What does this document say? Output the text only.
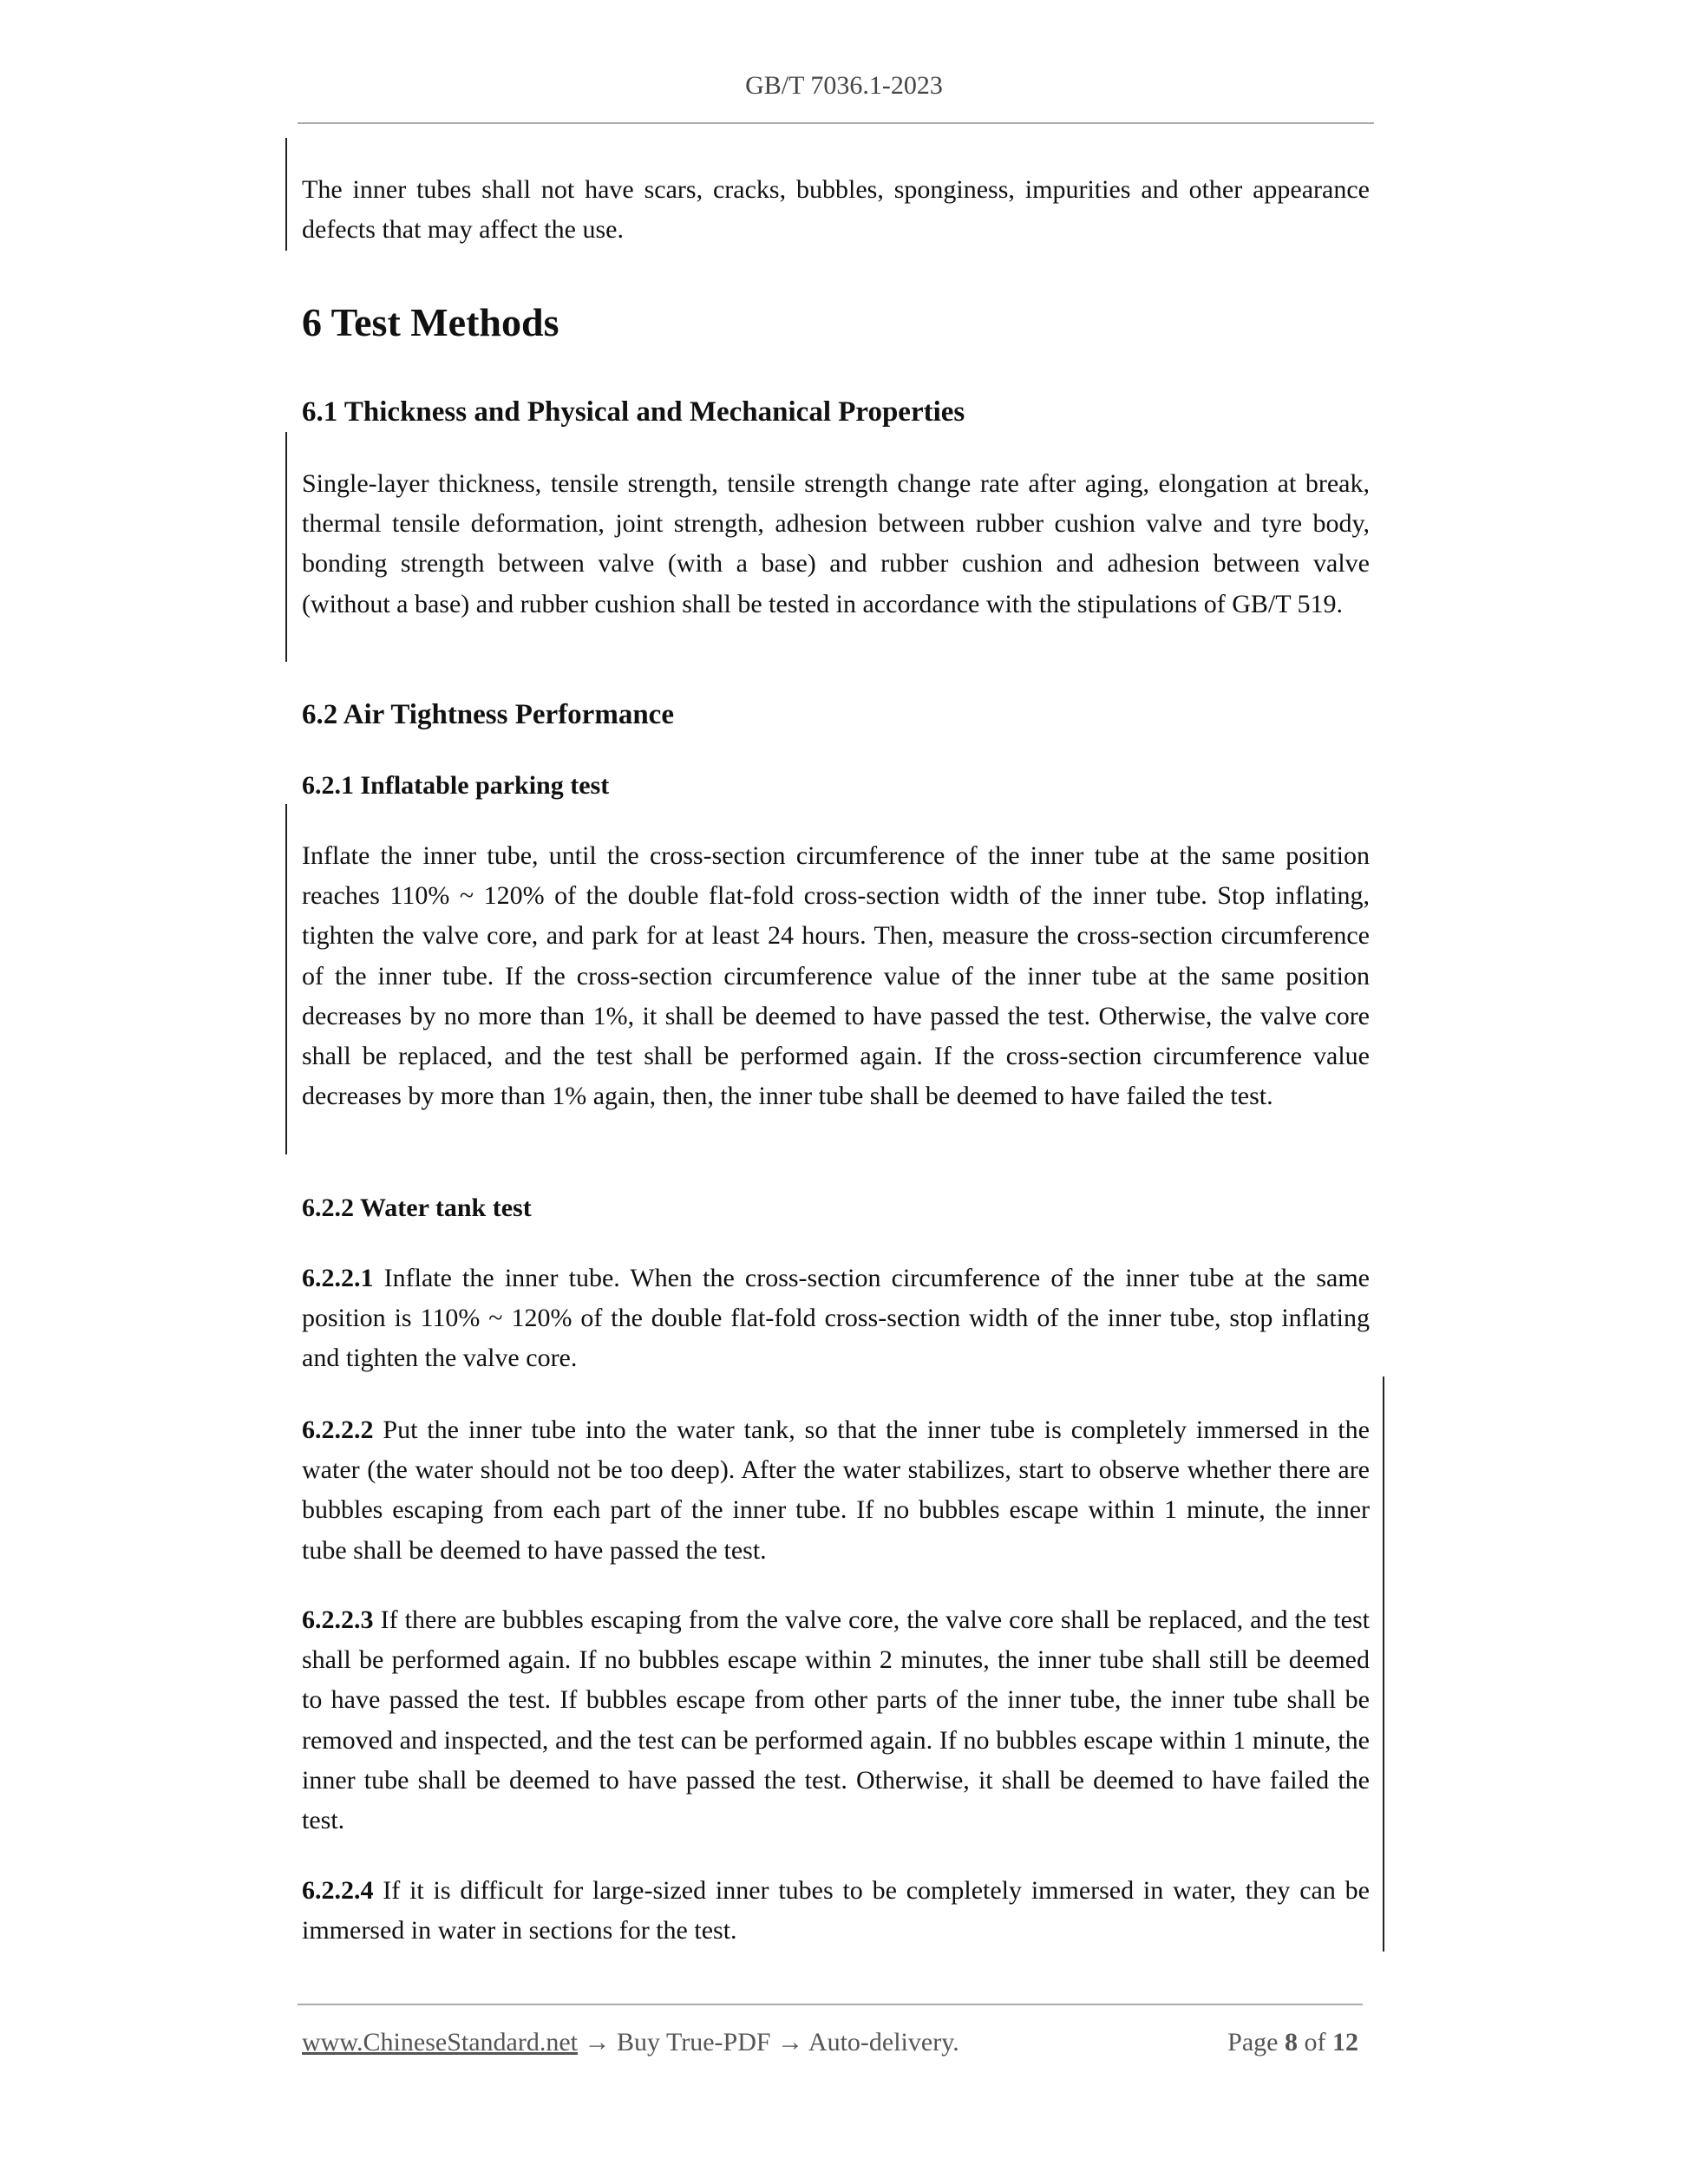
GB/T 7036.1-2023
The inner tubes shall not have scars, cracks, bubbles, sponginess, impurities and other appearance defects that may affect the use.
6 Test Methods
6.1 Thickness and Physical and Mechanical Properties
Single-layer thickness, tensile strength, tensile strength change rate after aging, elongation at break, thermal tensile deformation, joint strength, adhesion between rubber cushion valve and tyre body, bonding strength between valve (with a base) and rubber cushion and adhesion between valve (without a base) and rubber cushion shall be tested in accordance with the stipulations of GB/T 519.
6.2 Air Tightness Performance
6.2.1 Inflatable parking test
Inflate the inner tube, until the cross-section circumference of the inner tube at the same position reaches 110% ~ 120% of the double flat-fold cross-section width of the inner tube. Stop inflating, tighten the valve core, and park for at least 24 hours. Then, measure the cross-section circumference of the inner tube. If the cross-section circumference value of the inner tube at the same position decreases by no more than 1%, it shall be deemed to have passed the test. Otherwise, the valve core shall be replaced, and the test shall be performed again. If the cross-section circumference value decreases by more than 1% again, then, the inner tube shall be deemed to have failed the test.
6.2.2 Water tank test
6.2.2.1 Inflate the inner tube. When the cross-section circumference of the inner tube at the same position is 110% ~ 120% of the double flat-fold cross-section width of the inner tube, stop inflating and tighten the valve core.
6.2.2.2 Put the inner tube into the water tank, so that the inner tube is completely immersed in the water (the water should not be too deep). After the water stabilizes, start to observe whether there are bubbles escaping from each part of the inner tube. If no bubbles escape within 1 minute, the inner tube shall be deemed to have passed the test.
6.2.2.3 If there are bubbles escaping from the valve core, the valve core shall be replaced, and the test shall be performed again. If no bubbles escape within 2 minutes, the inner tube shall still be deemed to have passed the test. If bubbles escape from other parts of the inner tube, the inner tube shall be removed and inspected, and the test can be performed again. If no bubbles escape within 1 minute, the inner tube shall be deemed to have passed the test. Otherwise, it shall be deemed to have failed the test.
6.2.2.4 If it is difficult for large-sized inner tubes to be completely immersed in water, they can be immersed in water in sections for the test.
www.ChineseStandard.net → Buy True-PDF → Auto-delivery.	Page 8 of 12
